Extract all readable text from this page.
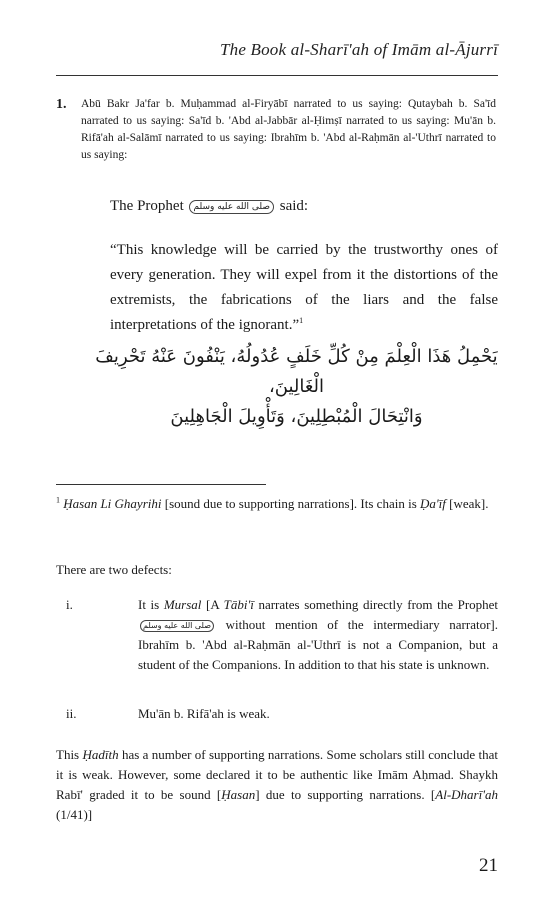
The Book al-Sharī'ah of Imām al-Ājurrī
1. Abū Bakr Ja'far b. Muḥammad al-Firyābī narrated to us saying: Qutaybah b. Sa'īd narrated to us saying: Sa'īd b. 'Abd al-Jabbār al-Ḥimṣī narrated to us saying: Mu'ān b. Rifā'ah al-Salāmī narrated to us saying: Ibrahīm b. 'Abd al-Raḥmān al-'Uthrī narrated to us saying:
The Prophet صلى الله عليه وسلم said:
“This knowledge will be carried by the trustworthy ones of every generation. They will expel from it the distortions of the extremists, the fabrications of the liars and the false interpretations of the ignorant.”$^1$
يَحْمِلُ هَذَا الْعِلْمَ مِنْ كُلِّ خَلَفٍ عُدُولُهُ، يَنْفُونَ عَنْهُ تَحْرِيفَ الْغَالِينَ،
وَانْتِحَالَ الْمُبْطِلِينَ، وَتَأْوِيلَ الْجَاهِلِينَ
$^1$ Ḥasan Li Ghayrihi [sound due to supporting narrations]. Its chain is Ḍa'īf [weak].
There are two defects:
i.	It is Mursal [A Tābi'ī narrates something directly from the Prophet صلى الله عليه وسلم without mention of the intermediary narrator]. Ibrahīm b. 'Abd al-Raḥmān al-'Uthrī is not a Companion, but a student of the Companions. In addition to that his state is unknown.
ii.	Mu'ān b. Rifā'ah is weak.
This Ḥadīth has a number of supporting narrations. Some scholars still conclude that it is weak. However, some declared it to be authentic like Imām Aḥmad. Shaykh Rabī' graded it to be sound [Ḥasan] due to supporting narrations. [Al-Dharī'ah (1/41)]
21
